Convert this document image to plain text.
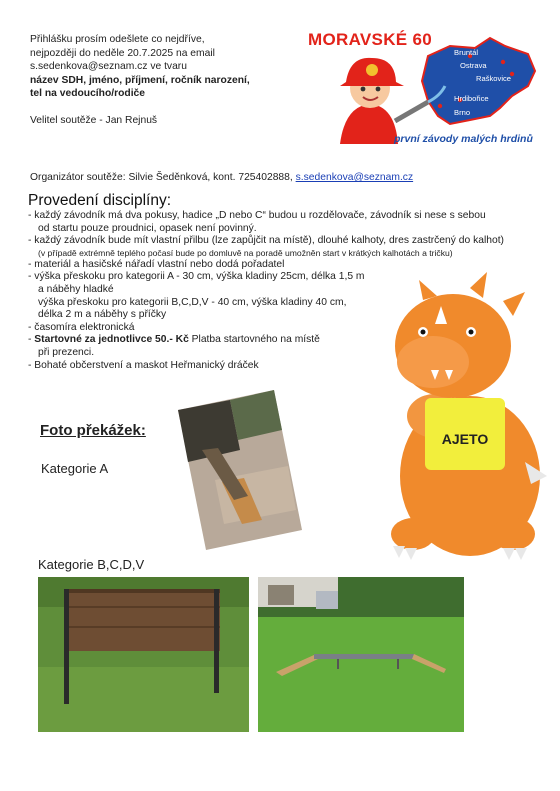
Přihlášku prosím odešlete co nejdříve,
nejpozději do neděle 20.7.2025 na email
s.sedenkova@seznam.cz ve tvaru
název SDH, jméno, příjmení, ročník narození,
tel na vedoucího/rodiče
Velitel soutěže - Jan Rejnuš
MORAVSKÉ 60
Bruntál
Ostrava
Raškovice
Hrdibořice
Brno
první závody malých hrdinů
Organizátor soutěže: Silvie Šeděnková, kont. 725402888, s.sedenkova@seznam.cz
Provedení disciplíny:
- každý závodník má dva pokusy, hadice „D nebo C“ budou u rozdělovače, závodník si nese s sebou
od startu pouze proudnici, opasek není povinný.
- každý závodník bude mít vlastní přilbu (lze zapůjčit na místě), dlouhé kalhoty, dres zastrčený do kalhot)
(v případě extrémně teplého počasí bude po domluvě na poradě umožněn start v krátkých kalhotách a tričku)
- materiál a hasičské nářadí vlastní nebo dodá pořadatel
- výška přeskoku pro kategorii A - 30 cm, výška kladiny 25cm, délka 1,5 m
a náběhy hladké
výška přeskoku pro kategorii B,C,D,V - 40 cm, výška kladiny 40 cm,
délka 2 m a náběhy s příčky
- časomíra elektronická
- Startovné za jednotlivce 50.- Kč Platba startovného na místě
při prezenci.
- Bohaté občerstvení a maskot Heřmanický dráček
Foto překážek:
Kategorie A
Kategorie B,C,D,V
AJETO
